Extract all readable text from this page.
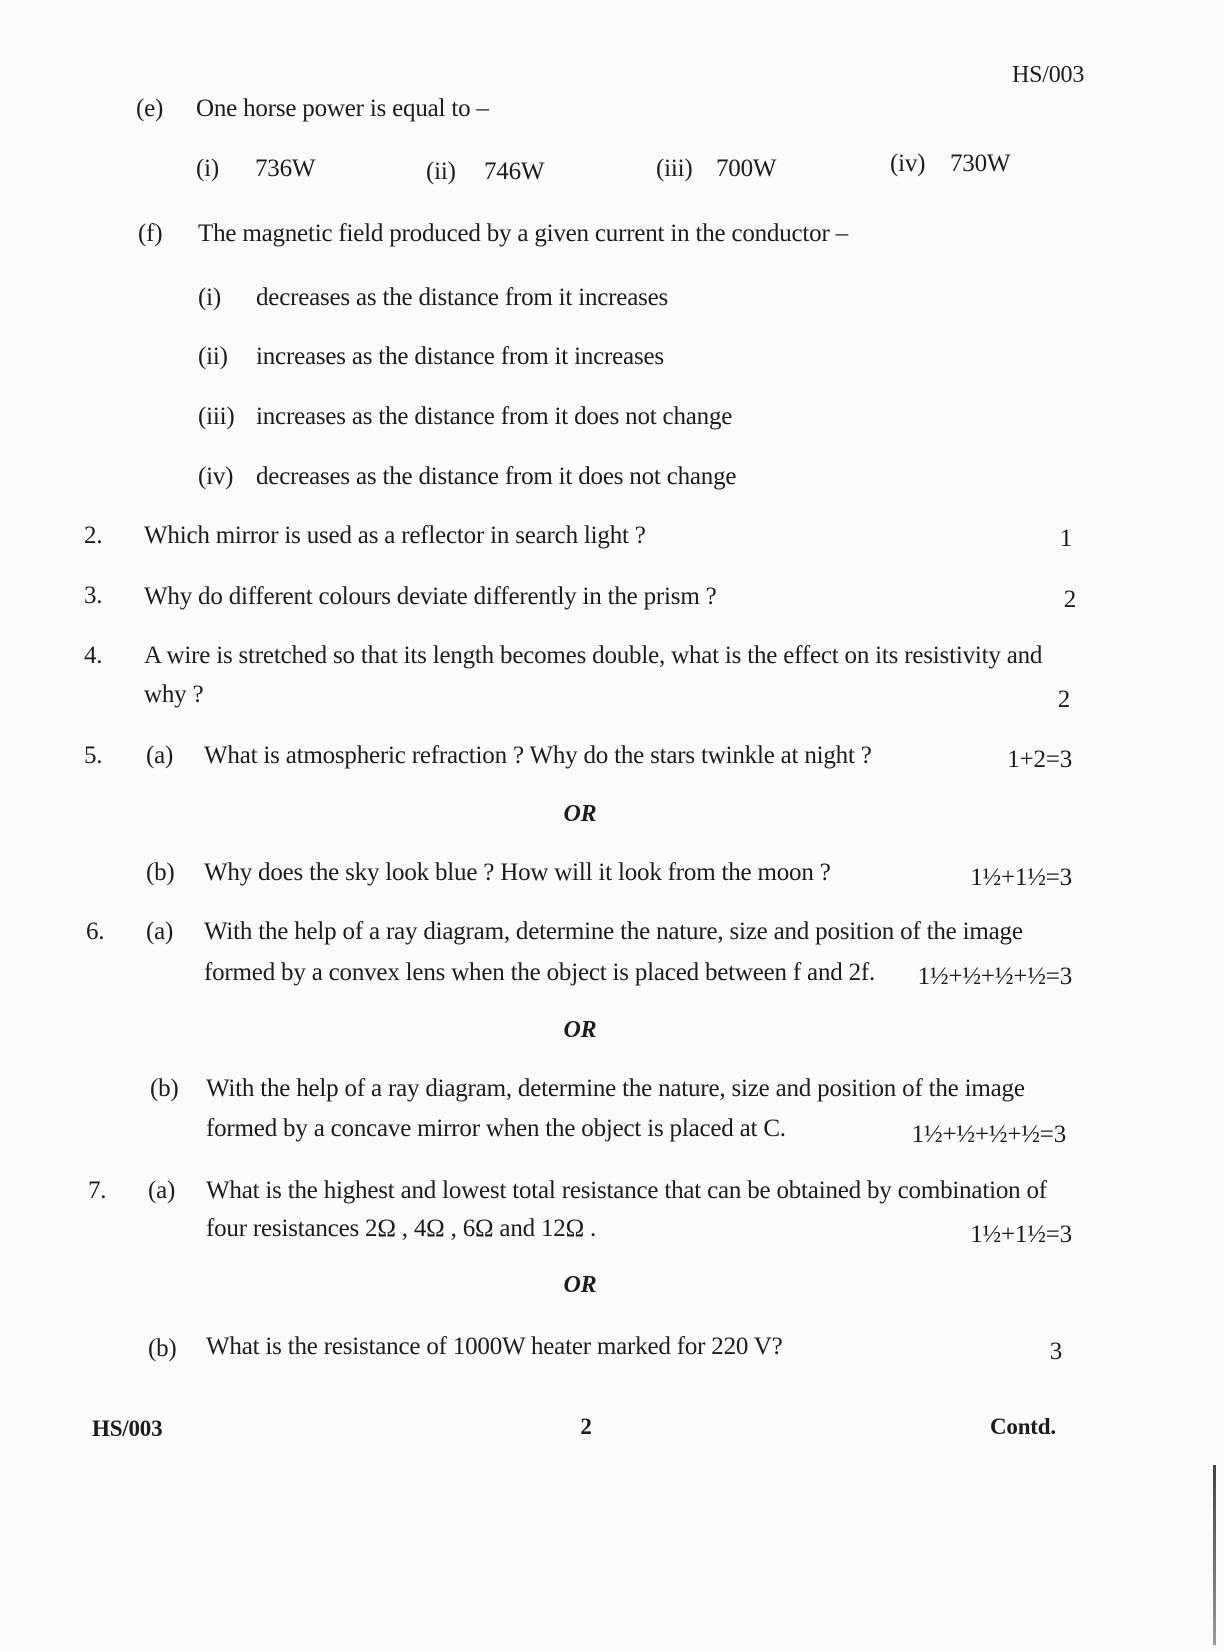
HS/003
(e) One horse power is equal to –
(i) 736W	(ii) 746W	(iii) 700W	(iv) 730W
(f) The magnetic field produced by a given current in the conductor –
(i) decreases as the distance from it increases
(ii) increases as the distance from it increases
(iii) increases as the distance from it does not change
(iv) decreases as the distance from it does not change
2. Which mirror is used as a reflector in search light ?	1
3. Why do different colours deviate differently in the prism ?	2
4. A wire is stretched so that its length becomes double, what is the effect on its resistivity and
why ?	2
5. (a) What is atmospheric refraction ? Why do the stars twinkle at night ?	1+2=3
OR
(b) Why does the sky look blue ? How will it look from the moon ?	1½+1½=3
6. (a) With the help of a ray diagram, determine the nature, size and position of the image
formed by a convex lens when the object is placed between f and 2f.	1½+½+½+½=3
OR
(b) With the help of a ray diagram, determine the nature, size and position of the image
formed by a concave mirror when the object is placed at C.	1½+½+½+½=3
7. (a) What is the highest and lowest total resistance that can be obtained by combination of
four resistances 2Ω , 4Ω , 6Ω and 12Ω .	1½+1½=3
OR
(b) What is the resistance of 1000W heater marked for 220 V?	3
HS/003	2	Contd.
